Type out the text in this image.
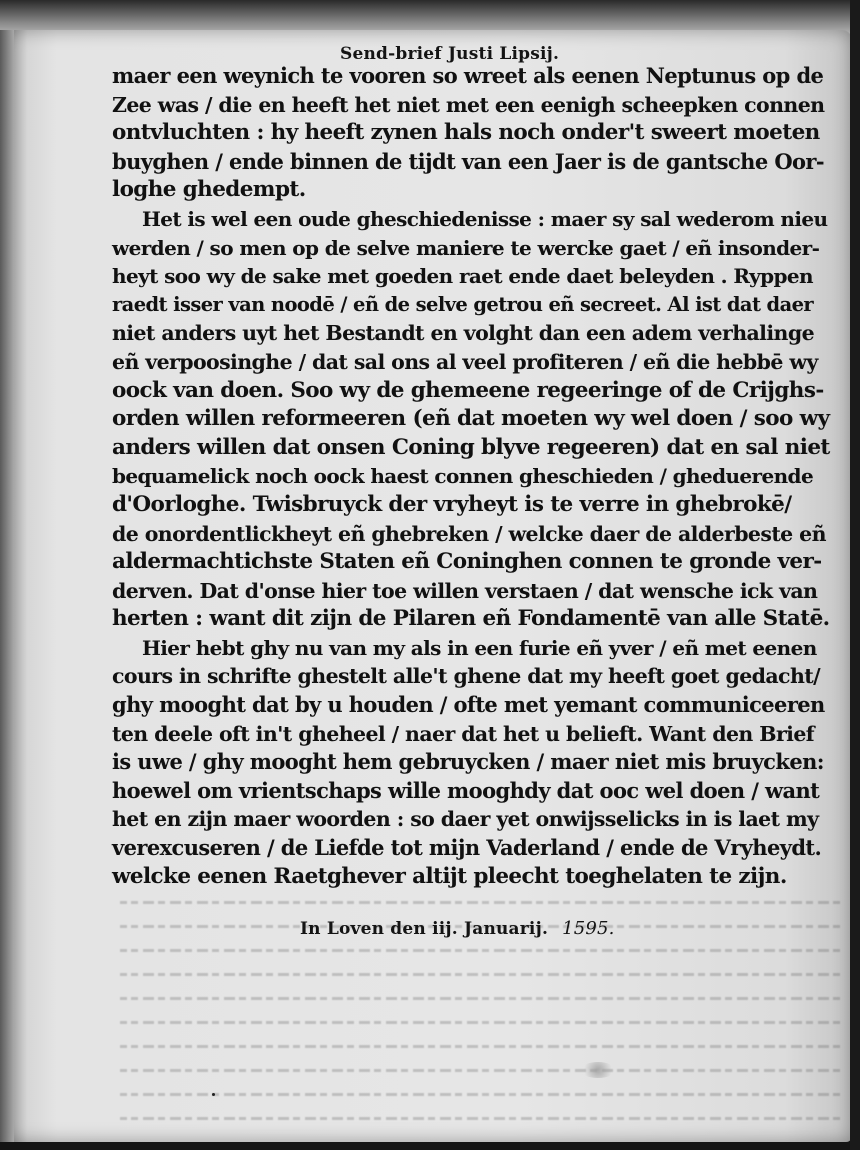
Send-brief Justi Lipsij.
maer een weynich te vooren so wreet als eenen Neptunus op de
Zee was / die en heeft het niet met een eenigh scheepken connen
ontvluchten : hy heeft zynen hals noch onder't sweert moeten
buyghen / ende binnen de tijdt van een Jaer is de gantsche Oor-
loghe ghedempt.
Het is wel een oude gheschiedenisse : maer sy sal wederom nieu
werden / so men op de selve maniere te wercke gaet / eñ insonder-
heyt soo wy de sake met goeden raet ende daet beleyden . Ryppen
raedt isser van noodē / eñ de selve getrou eñ secreet. Al ist dat daer
niet anders uyt het Bestandt en volght dan een adem verhalinge
eñ verpoosinghe / dat sal ons al veel profiteren / eñ die hebbē wy
oock van doen. Soo wy de ghemeene regeeringe of de Crijghs-
orden willen reformeeren (eñ dat moeten wy wel doen / soo wy
anders willen dat onsen Coning blyve regeeren) dat en sal niet
bequamelick noch oock haest connen gheschieden / gheduerende
d'Oorloghe. Twisbruyck der vryheyt is te verre in ghebrokē/
de onordentlickheyt eñ ghebreken / welcke daer de alderbeste eñ
aldermachtichste Staten eñ Coninghen connen te gronde ver-
derven. Dat d'onse hier toe willen verstaen / dat wensche ick van
herten : want dit zijn de Pilaren eñ Fondamentē van alle Statē.
Hier hebt ghy nu van my als in een furie eñ yver / eñ met eenen
cours in schrifte ghestelt alle't ghene dat my heeft goet gedacht/
ghy mooght dat by u houden / ofte met yemant communiceeren
ten deele oft in't gheheel / naer dat het u belieft. Want den Brief
is uwe / ghy mooght hem gebruycken / maer niet mis bruycken:
hoewel om vrientschaps wille mooghdy dat ooc wel doen / want
het en zijn maer woorden : so daer yet onwijsselicks in is laet my
verexcuseren / de Liefde tot mijn Vaderland / ende de Vryheydt.
welcke eenen Raetghever altijt pleecht toeghelaten te zijn.
In Loven den iij. Januarij. 1595.
